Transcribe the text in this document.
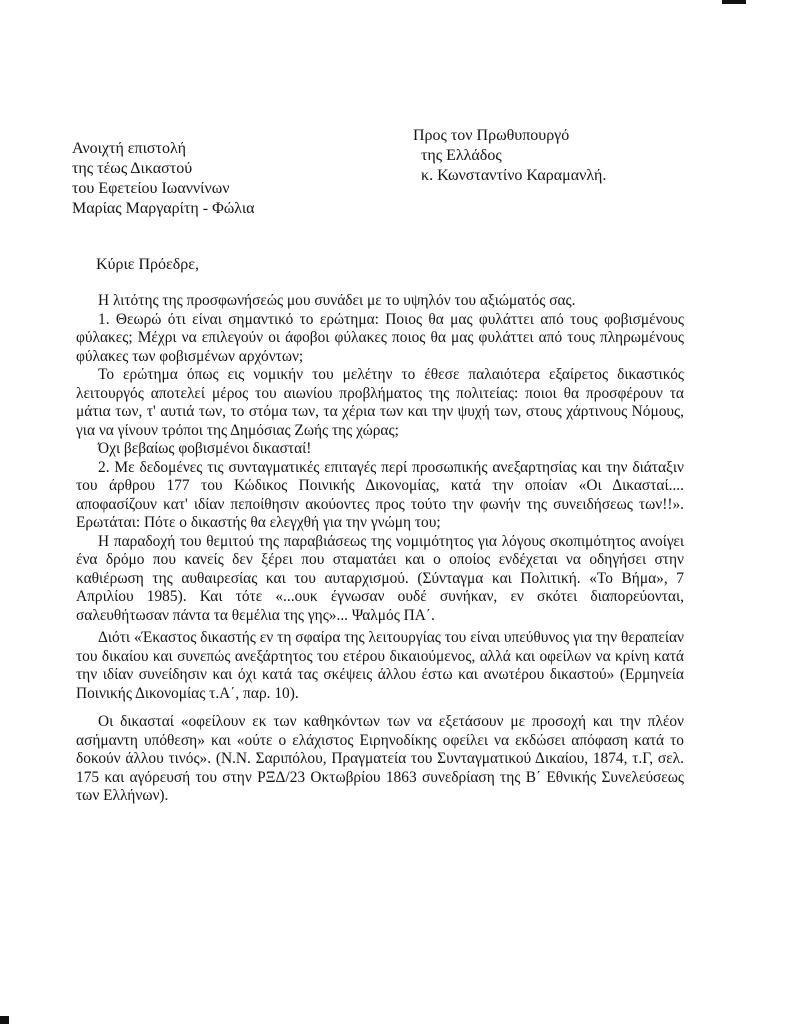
Ανοιχτή επιστολή
της τέως Δικαστού
του Εφετείου Ιωαννίνων
Μαρίας Μαργαρίτη - Φώλια
Προς τον Πρωθυπουργό
της Ελλάδος
κ. Κωνσταντίνο Καραμανλή.
Κύριε Πρόεδρε,

Η λιτότης της προσφωνήσεώς μου συνάδει με το υψηλόν του αξιώματός σας.

1. Θεωρώ ότι είναι σημαντικό το ερώτημα: Ποιος θα μας φυλάττει από τους φοβισμένους φύλακες; Μέχρι να επιλεγούν οι άφοβοι φύλακες ποιος θα μας φυλάττει από τους πληρωμένους φύλακες των φοβισμένων αρχόντων;

Το ερώτημα όπως εις νομικήν του μελέτην το έθεσε παλαιότερα εξαίρετος δικαστικός λειτουργός αποτελεί μέρος του αιωνίου προβλήματος της πολιτείας: ποιοι θα προσφέρουν τα μάτια των, τ' αυτιά των, το στόμα των, τα χέρια των και την ψυχή των, στους χάρτινους Νόμους, για να γίνουν τρόποι της Δημόσιας Ζωής της χώρας;

Όχι βεβαίως φοβισμένοι δικασταί!

2. Με δεδομένες τις συνταγματικές επιταγές περί προσωπικής ανεξαρτησίας και την διάταξιν του άρθρου 177 του Κώδικος Ποινικής Δικονομίας, κατά την οποίαν «Οι Δικασταί.... αποφασίζουν κατ' ιδίαν πεποίθησιν ακούοντες προς τούτο την φωνήν της συνειδήσεως των!!». Ερωτάται: Πότε ο δικαστής θα ελεγχθή για την γνώμη του;

Η παραδοχή του θεμιτού της παραβιάσεως της νομιμότητος για λόγους σκοπιμότητος ανοίγει ένα δρόμο που κανείς δεν ξέρει που σταματάει και ο οποίος ενδέχεται να οδηγήσει στην καθιέρωση της αυθαιρεσίας και του αυταρχισμού. (Σύνταγμα και Πολιτική. «Το Βήμα», 7 Απριλίου 1985). Και τότε «...ουκ έγνωσαν ουδέ συνήκαν, εν σκότει διαπορεύονται, σαλευθήτωσαν πάντα τα θεμέλια της γης»... Ψαλμός ΠΑ΄.

Διότι «Έκαστος δικαστής εν τη σφαίρα της λειτουργίας του είναι υπεύθυνος για την θεραπείαν του δικαίου και συνεπώς ανεξάρτητος του ετέρου δικαιούμενος, αλλά και οφείλων να κρίνη κατά την ιδίαν συνείδησιν και όχι κατά τας σκέψεις άλλου έστω και ανωτέρου δικαστού» (Ερμηνεία Ποινικής Δικονομίας τ.Α΄, παρ. 10).

Οι δικασταί «οφείλουν εκ των καθηκόντων των να εξετάσουν με προσοχή και την πλέον ασήμαντη υπόθεση» και «ούτε ο ελάχιστος Ειρηνοδίκης οφείλει να εκδώσει απόφαση κατά το δοκούν άλλου τινός». (Ν.Ν. Σαριπόλου, Πραγματεία του Συνταγματικού Δικαίου, 1874, τ.Γ, σελ. 175 και αγόρευσή του στην ΡΞΔ/23 Οκτωβρίου 1863 συνεδρίαση της Β΄ Εθνικής Συνελεύσεως των Ελλήνων).
